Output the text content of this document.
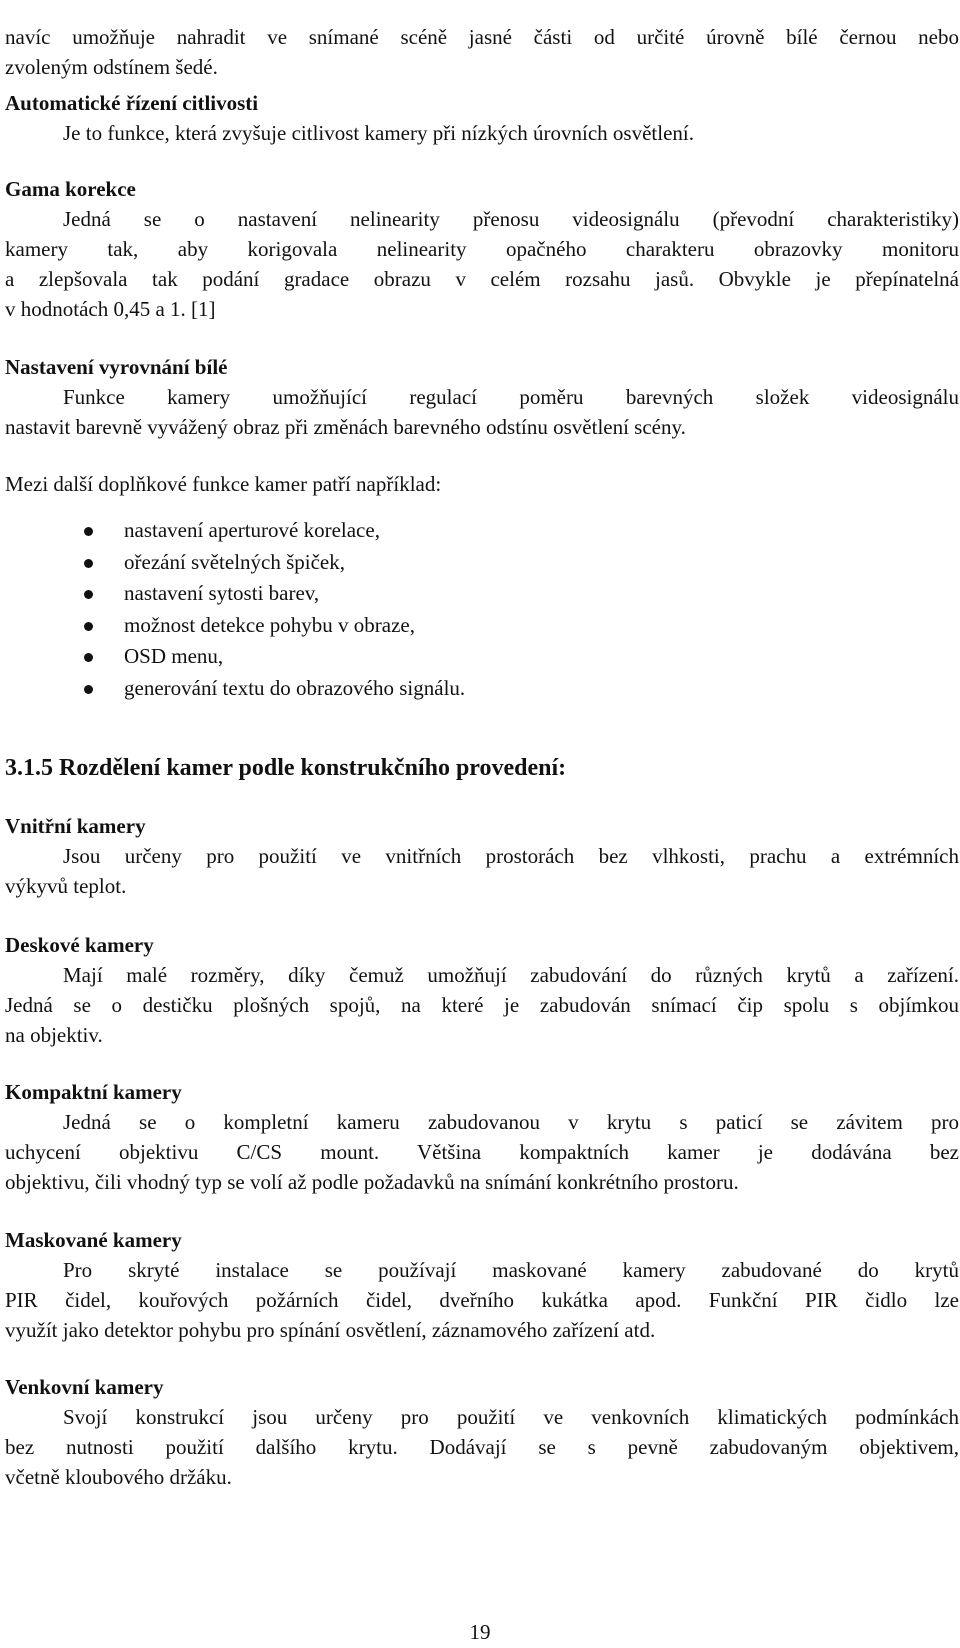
navíc umožňuje nahradit ve snímané scéně jasné části od určité úrovně bílé černou nebo
zvoleným odstínem šedé.
Automatické řízení citlivosti
Je to funkce, která zvyšuje citlivost kamery při nízkých úrovních osvětlení.
Gama korekce
Jedná se o nastavení nelinearity přenosu videosignálu (převodní charakteristiky)
kamery tak, aby korigovala nelinearity opačného charakteru obrazovky monitoru
a zlepšovala tak podání gradace obrazu v celém rozsahu jasů. Obvykle je přepínatelná
v hodnotách 0,45 a 1. [1]
Nastavení vyrovnání bílé
Funkce kamery umožňující regulací poměru barevných složek videosignálu
nastavit barevně vyvážený obraz při změnách barevného odstínu osvětlení scény.
Mezi další doplňkové funkce kamer patří například:
nastavení aperturové korelace,
ořezání světelných špiček,
nastavení sytosti barev,
možnost detekce pohybu v obraze,
OSD menu,
generování textu do obrazového signálu.
3.1.5 Rozdělení kamer podle konstrukčního provedení:
Vnitřní kamery
Jsou určeny pro použití ve vnitřních prostorách bez vlhkosti, prachu a extrémních
výkyvů teplot.
Deskové kamery
Mají malé rozměry, díky čemuž umožňují zabudování do různých krytů a zařízení.
Jedná se o destičku plošných spojů, na které je zabudován snímací čip spolu s objímkou
na objektiv.
Kompaktní kamery
Jedná se o kompletní kameru zabudovanou v krytu s paticí se závitem pro
uchycení objektivu C/CS mount. Většina kompaktních kamer je dodávána bez
objektivu, čili vhodný typ se volí až podle požadavků na snímání konkrétního prostoru.
Maskované kamery
Pro skryté instalace se používají maskované kamery zabudované do krytů
PIR čidel, kouřových požárních čidel, dveřního kukátka apod. Funkční PIR čidlo lze
využít jako detektor pohybu pro spínání osvětlení, záznamového zařízení atd.
Venkovní kamery
Svojí konstrukcí jsou určeny pro použití ve venkovních klimatických podmínkách
bez nutnosti použití dalšího krytu. Dodávají se s pevně zabudovaným objektivem,
včetně kloubového držáku.
19
